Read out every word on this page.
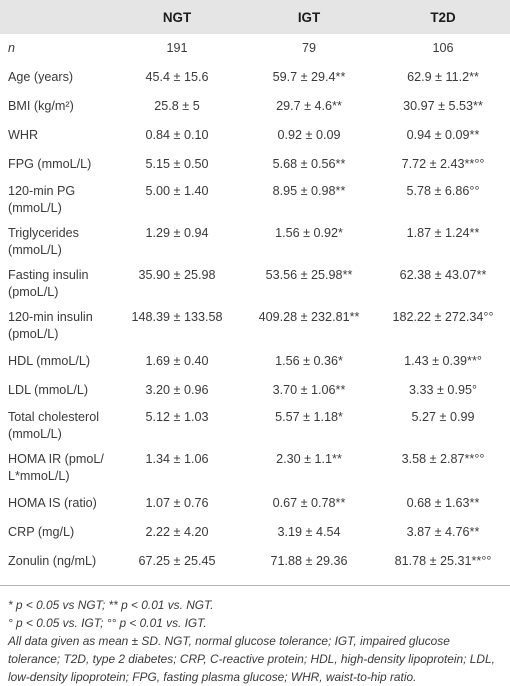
	NGT	IGT	T2D
n	191	79	106
Age (years)	45.4 ± 15.6	59.7 ± 29.4**	62.9 ± 11.2**
BMI (kg/m²)	25.8 ± 5	29.7 ± 4.6**	30.97 ± 5.53**
WHR	0.84 ± 0.10	0.92 ± 0.09	0.94 ± 0.09**
FPG (mmoL/L)	5.15 ± 0.50	5.68 ± 0.56**	7.72 ± 2.43**°°
120-min PG (mmoL/L)	5.00 ± 1.40	8.95 ± 0.98**	5.78 ± 6.86°°
Triglycerides (mmoL/L)	1.29 ± 0.94	1.56 ± 0.92*	1.87 ± 1.24**
Fasting insulin (pmoL/L)	35.90 ± 25.98	53.56 ± 25.98**	62.38 ± 43.07**
120-min insulin (pmoL/L)	148.39 ± 133.58	409.28 ± 232.81**	182.22 ± 272.34°°
HDL (mmoL/L)	1.69 ± 0.40	1.56 ± 0.36*	1.43 ± 0.39**°
LDL (mmoL/L)	3.20 ± 0.96	3.70 ± 1.06**	3.33 ± 0.95°
Total cholesterol (mmoL/L)	5.12 ± 1.03	5.57 ± 1.18*	5.27 ± 0.99
HOMA IR (pmoL/ L*mmoL/L)	1.34 ± 1.06	2.30 ± 1.1**	3.58 ± 2.87**°°
HOMA IS (ratio)	1.07 ± 0.76	0.67 ± 0.78**	0.68 ± 1.63**
CRP (mg/L)	2.22 ± 4.20	3.19 ± 4.54	3.87 ± 4.76**
Zonulin (ng/mL)	67.25 ± 25.45	71.88 ± 29.36	81.78 ± 25.31**°°

* p < 0.05 vs NGT; ** p < 0.01 vs. NGT.

° p < 0.05 vs. IGT; °° p < 0.01 vs. IGT.

All data given as mean ± SD. NGT, normal glucose tolerance; IGT, impaired glucose tolerance; T2D, type 2 diabetes; CRP, C-reactive protein; HDL, high-density lipoprotein; LDL, low-density lipoprotein; FPG, fasting plasma glucose; WHR, waist-to-hip ratio.
